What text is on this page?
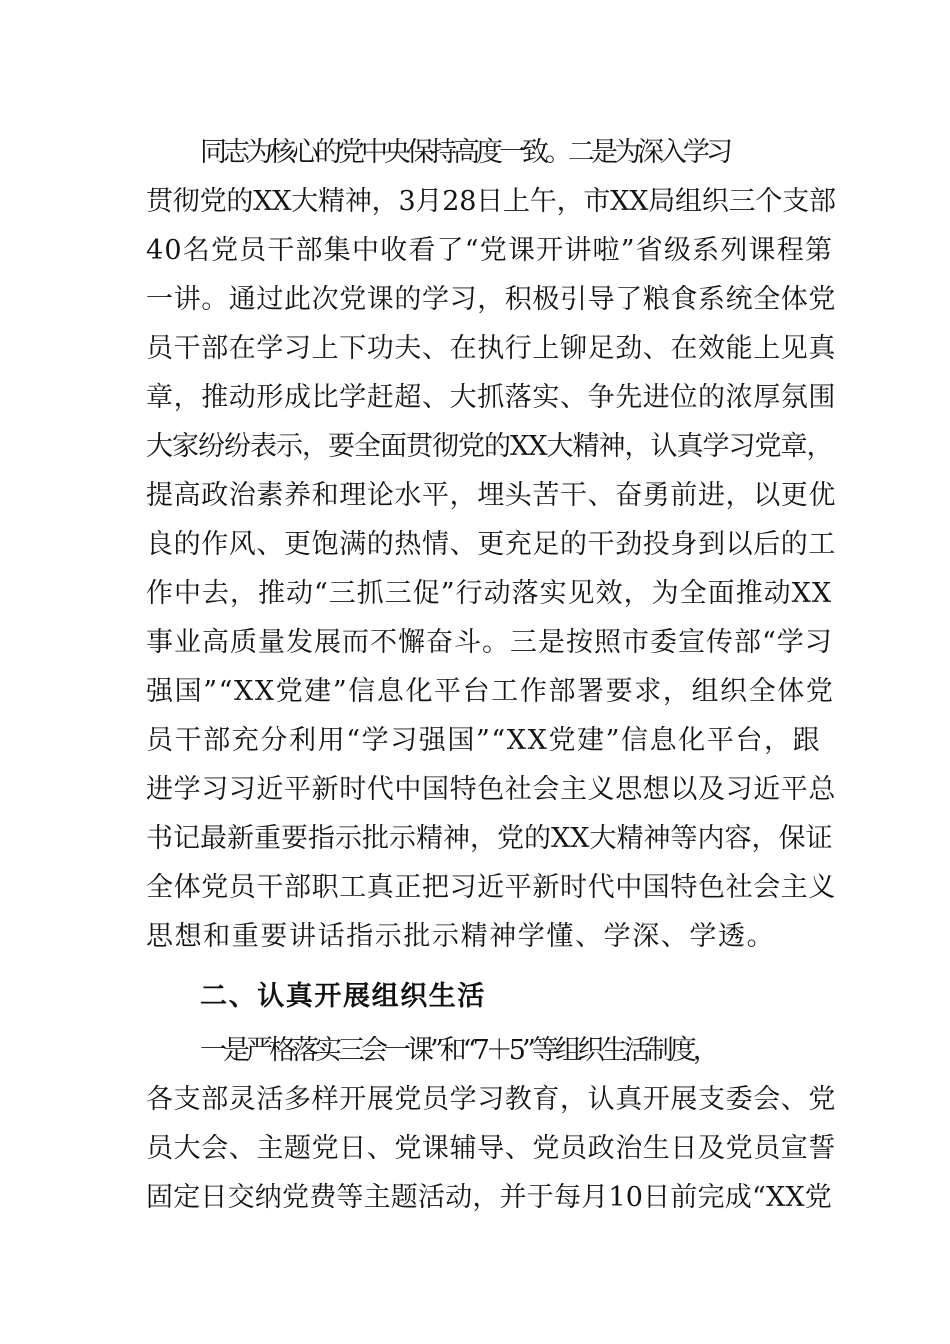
同志为核心的党中央保持高度一致。二是为深入学习
贯彻党的XX大精神，3月28日上午，市XX局组织三个支部
40名党员干部集中收看了“党课开讲啦”省级系列课程第
一讲。通过此次党课的学习，积极引导了粮食系统全体党
员干部在学习上下功夫、在执行上铆足劲、在效能上见真
章，推动形成比学赶超、大抓落实、争先进位的浓厚氛围
大家纷纷表示，要全面贯彻党的XX大精神，认真学习党章，
提高政治素养和理论水平，埋头苦干、奋勇前进，以更优
良的作风、更饱满的热情、更充足的干劲投身到以后的工
作中去，推动“三抓三促”行动落实见效，为全面推动XX
事业高质量发展而不懈奋斗。三是按照市委宣传部“学习
强国”“XX党建”信息化平台工作部署要求，组织全体党
员干部充分利用“学习强国”“XX党建”信息化平台，跟
进学习习近平新时代中国特色社会主义思想以及习近平总
书记最新重要指示批示精神，党的XX大精神等内容，保证
全体党员干部职工真正把习近平新时代中国特色社会主义
思想和重要讲话指示批示精神学懂、学深、学透。
二、认真开展组织生活
一是严格落实三会一课”和“7＋5”等组织生活制度，
各支部灵活多样开展党员学习教育，认真开展支委会、党
员大会、主题党日、党课辅导、党员政治生日及党员宣誓
固定日交纳党费等主题活动，并于每月10日前完成“XX党
